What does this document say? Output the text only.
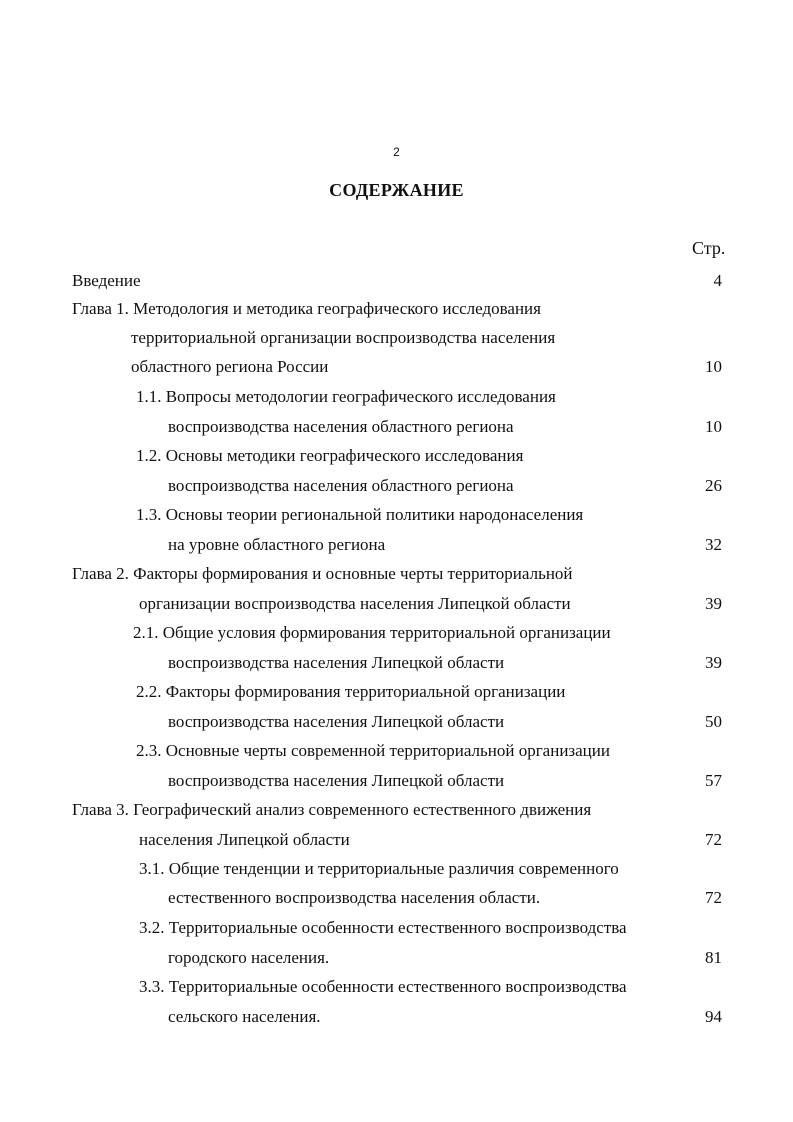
2
СОДЕРЖАНИЕ
Стр.
Введение	4
Глава 1. Методология и методика географического исследования
территориальной организации воспроизводства населения
областного региона России	10
1.1. Вопросы методологии географического исследования
воспроизводства населения областного региона	10
1.2. Основы методики географического исследования
воспроизводства населения областного региона	26
1.3. Основы теории региональной политики народонаселения
на уровне областного региона	32
Глава 2. Факторы формирования и основные черты территориальной
организации воспроизводства населения Липецкой области	39
2.1. Общие условия формирования территориальной организации
воспроизводства населения Липецкой области	39
2.2. Факторы формирования территориальной организации
воспроизводства населения Липецкой области	50
2.3. Основные черты современной территориальной организации
воспроизводства населения Липецкой области	57
Глава 3. Географический анализ современного естественного движения
населения Липецкой области	72
3.1. Общие тенденции и территориальные различия современного
естественного воспроизводства населения области.	72
3.2. Территориальные особенности естественного воспроизводства
городского населения.	81
3.3. Территориальные особенности естественного воспроизводства
сельского населения.	94
